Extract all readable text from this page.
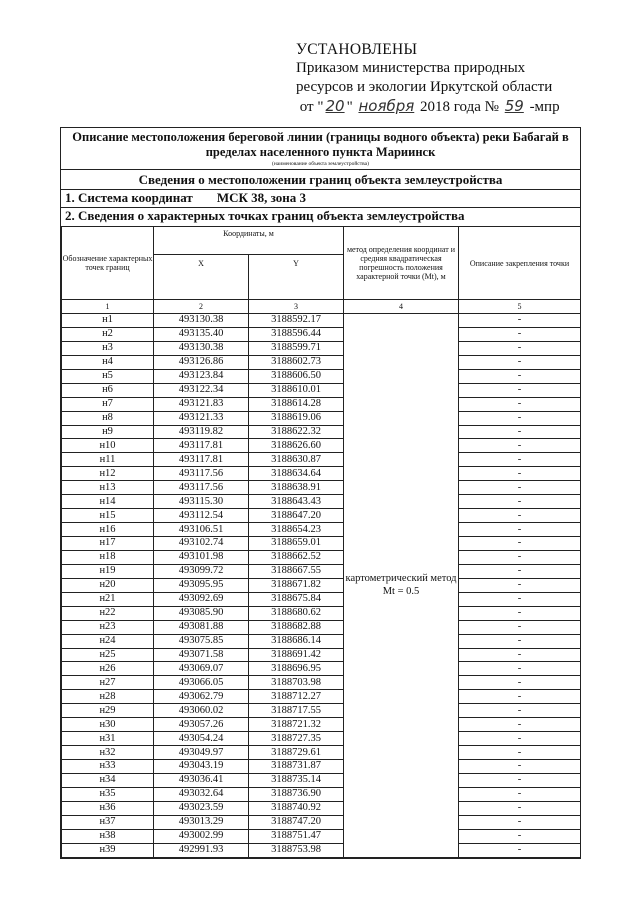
УСТАНОВЛЕНЫ
Приказом министерства природных
ресурсов и экологии Иркутской области
от " 20 " ноября 2018 года № 59 -мпр
Описание местоположения береговой линии (границы водного объекта) реки Бабагай в пределах населенного пункта Мариинск
(наименование объекта землеустройства)
Сведения о местоположении границ объекта землеустройства
1. Система координат МСК 38, зона 3
2. Сведения о характерных точках границ объекта землеустройства
Обозначение характерных точек границ	Координаты, м		метод определения координат и средняя квадратическая погрешность положения характерной точки (Mt), м	Описание закрепления точки
	X	Y		
1	2	3	4	5
н1	493130.38	3188592.17	картометрический метод Mt = 0.5	-
н2	493135.40	3188596.44		-
н3	493130.38	3188599.71		-
н4	493126.86	3188602.73		-
н5	493123.84	3188606.50		-
н6	493122.34	3188610.01		-
н7	493121.83	3188614.28		-
н8	493121.33	3188619.06		-
н9	493119.82	3188622.32		-
н10	493117.81	3188626.60		-
н11	493117.81	3188630.87		-
н12	493117.56	3188634.64		-
н13	493117.56	3188638.91		-
н14	493115.30	3188643.43		-
н15	493112.54	3188647.20		-
н16	493106.51	3188654.23		-
н17	493102.74	3188659.01		-
н18	493101.98	3188662.52		-
н19	493099.72	3188667.55		-
н20	493095.95	3188671.82		-
н21	493092.69	3188675.84		-
н22	493085.90	3188680.62		-
н23	493081.88	3188682.88		-
н24	493075.85	3188686.14		-
н25	493071.58	3188691.42		-
н26	493069.07	3188696.95		-
н27	493066.05	3188703.98		-
н28	493062.79	3188712.27		-
н29	493060.02	3188717.55		-
н30	493057.26	3188721.32		-
н31	493054.24	3188727.35		-
н32	493049.97	3188729.61		-
н33	493043.19	3188731.87		-
н34	493036.41	3188735.14		-
н35	493032.64	3188736.90		-
н36	493023.59	3188740.92		-
н37	493013.29	3188747.20		-
н38	493002.99	3188751.47		-
н39	492991.93	3188753.98		-
